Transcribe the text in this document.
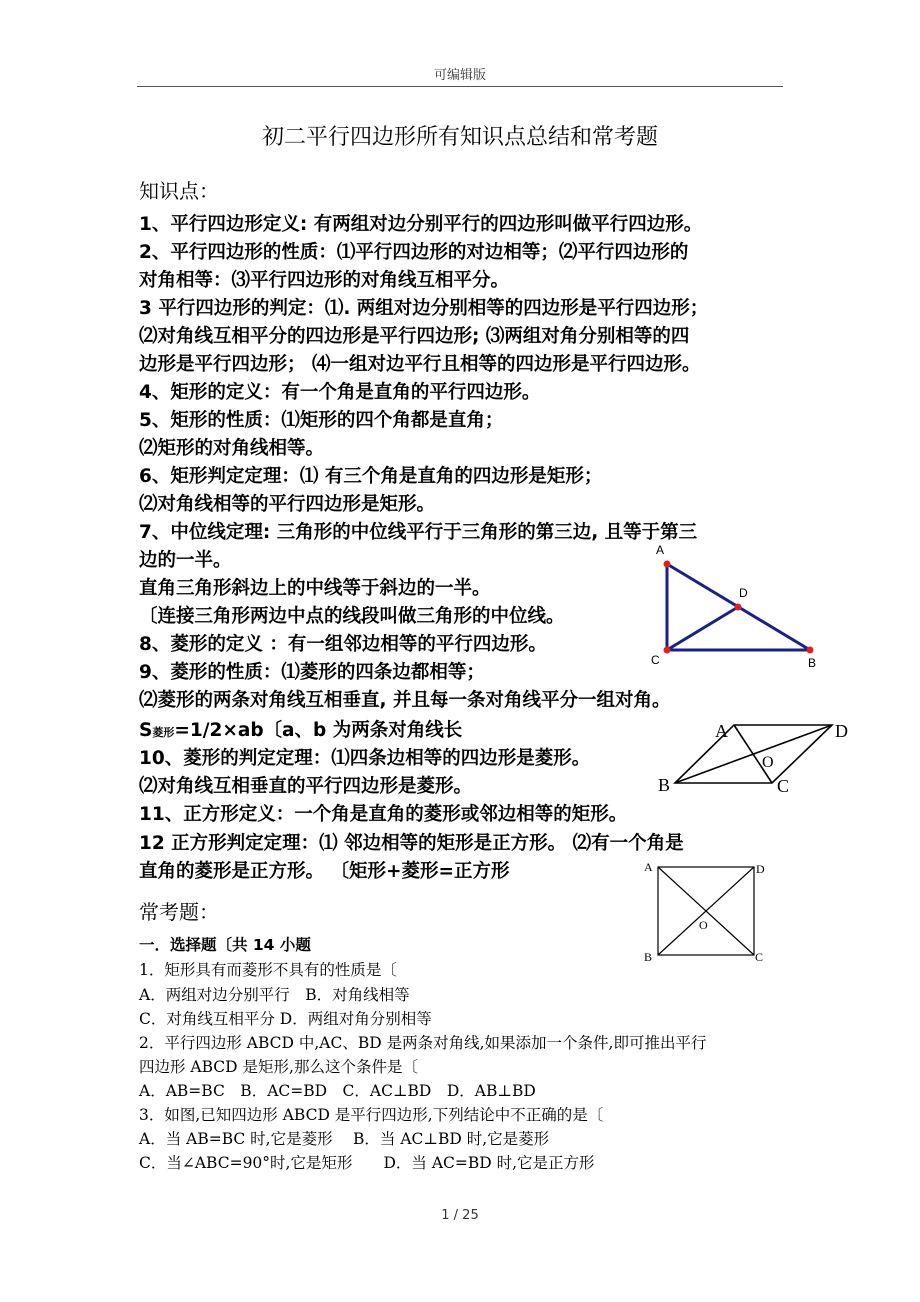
可编辑版
初二平行四边形所有知识点总结和常考题
知识点：
1、平行四边形定义: 有两组对边分别平行的四边形叫做平行四边形。
2、平行四边形的性质：⑴平行四边形的对边相等；⑵平行四边形的
对角相等：⑶平行四边形的对角线互相平分。
3 平行四边形的判定：⑴. 两组对边分别相等的四边形是平行四边形；
⑵对角线互相平分的四边形是平行四边形; ⑶两组对角分别相等的四
边形是平行四边形； ⑷一组对边平行且相等的四边形是平行四边形。
4、矩形的定义：有一个角是直角的平行四边形。
5、矩形的性质：⑴矩形的四个角都是直角；
⑵矩形的对角线相等。
6、矩形判定定理：⑴ 有三个角是直角的四边形是矩形；
⑵对角线相等的平行四边形是矩形。
7、中位线定理: 三角形的中位线平行于三角形的第三边, 且等于第三
边的一半。
直角三角形斜边上的中线等于斜边的一半。
〔连接三角形两边中点的线段叫做三角形的中位线。
8、菱形的定义 ：有一组邻边相等的平行四边形。
9、菱形的性质：⑴菱形的四条边都相等；
⑵菱形的两条对角线互相垂直, 并且每一条对角线平分一组对角。
S菱形=1/2×ab〔a、b 为两条对角线长
10、菱形的判定定理：⑴四条边相等的四边形是菱形。
⑵对角线互相垂直的平行四边形是菱形。
11、正方形定义：一个角是直角的菱形或邻边相等的矩形。
12 正方形判定定理：⑴ 邻边相等的矩形是正方形。 ⑵有一个角是
直角的菱形是正方形。 〔矩形+菱形=正方形
常考题：
一．选择题〔共 14 小题
1．矩形具有而菱形不具有的性质是〔
A．两组对边分别平行　B．对角线相等
C．对角线互相平分 D．两组对角分别相等
2．平行四边形 ABCD 中,AC、BD 是两条对角线,如果添加一个条件,即可推出平行
四边形 ABCD 是矩形,那么这个条件是〔
A．AB=BC　B．AC=BD　C．AC⊥BD　D．AB⊥BD
3．如图,已知四边形 ABCD 是平行四边形,下列结论中不正确的是〔
A．当 AB=BC 时,它是菱形　 B．当 AC⊥BD 时,它是菱形
C．当∠ABC=90°时,它是矩形　　D．当 AC=BD 时,它是正方形
A
D
C	B
A	D
B	C
O
A	D
B	C
O
1 / 25
